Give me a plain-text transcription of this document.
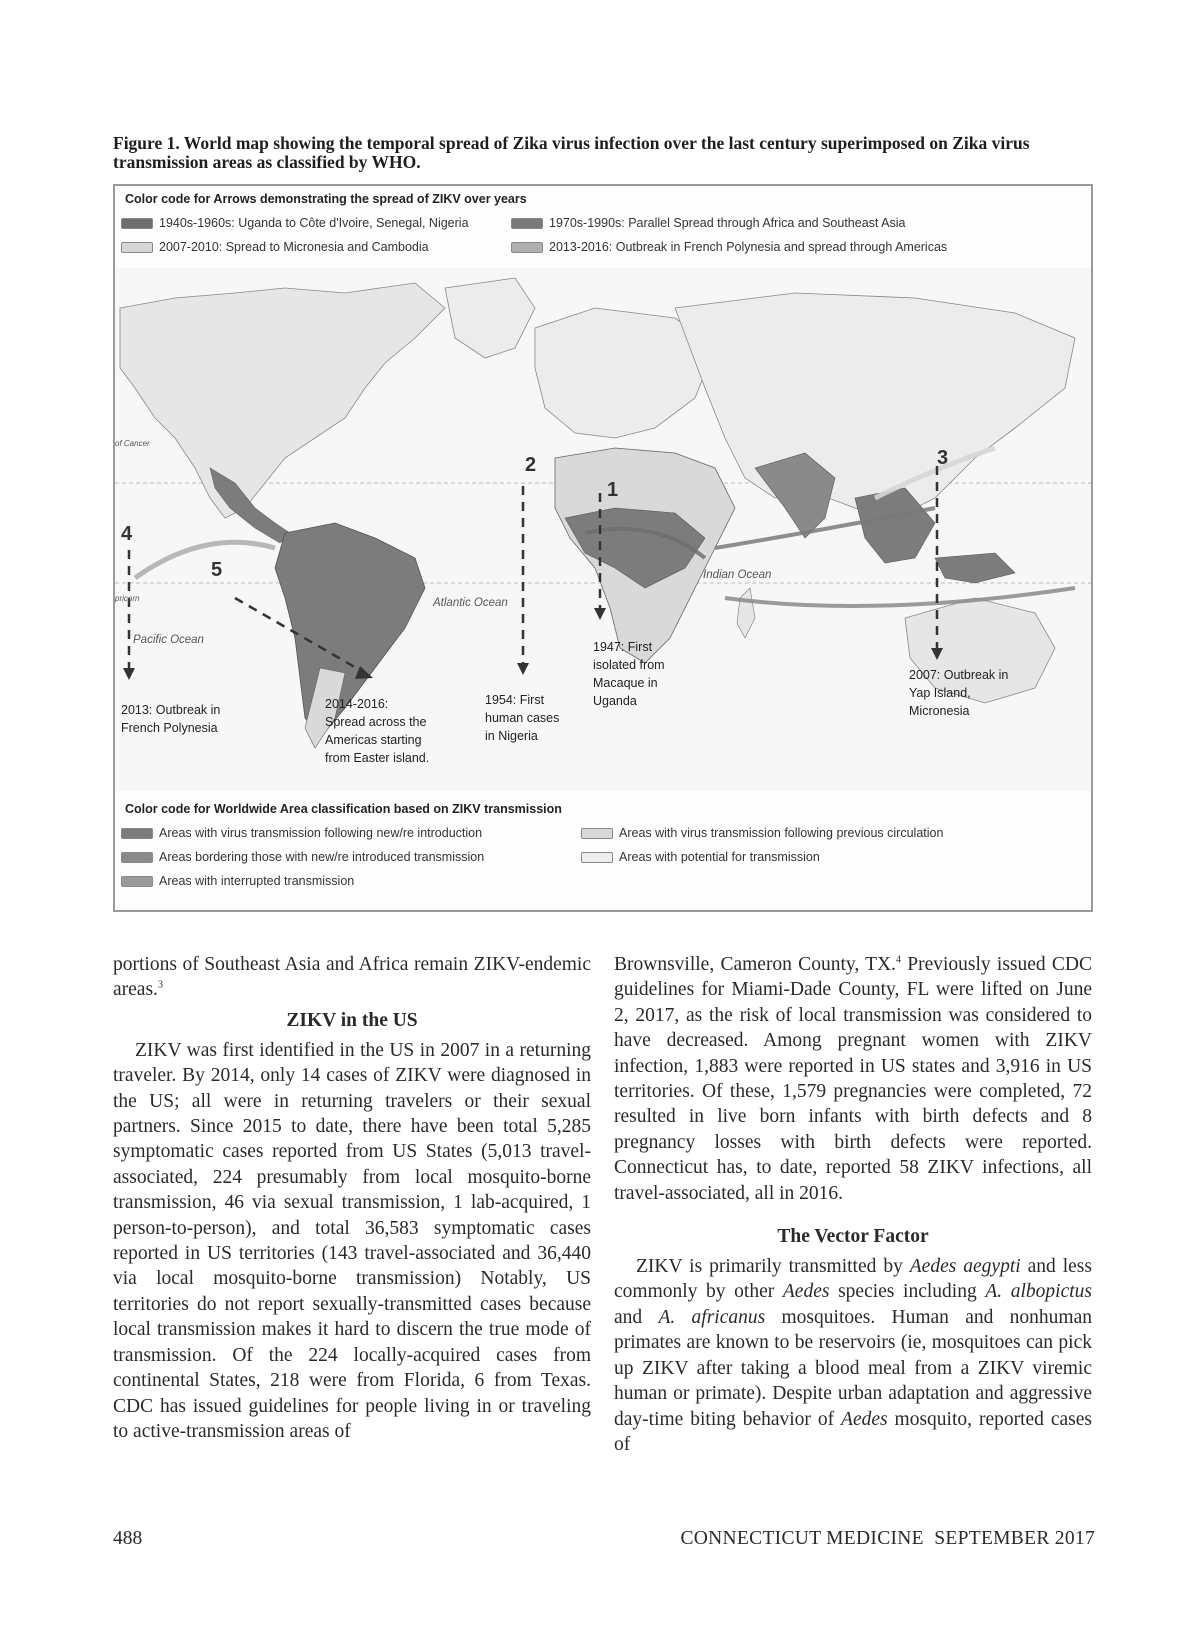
Figure 1. World map showing the temporal spread of Zika virus infection over the last century superimposed on Zika virus transmission areas as classified by WHO.
Color code for Arrows demonstrating the spread of ZIKV over years
1940s-1960s: Uganda to Côte d'Ivoire, Senegal, Nigeria	1970s-1990s: Parallel Spread through Africa and Southeast Asia
2007-2010: Spread to Micronesia and Cambodia	2013-2016: Outbreak in French Polynesia and spread through Americas
4
5
2
1
3
Atlantic Ocean
Pacific Ocean
Indian Ocean
of Cancer
pricorn
2013: Outbreak in French Polynesia
2014-2016: Spread across the Americas starting from Easter island.
1954: First human cases in Nigeria
1947: First isolated from Macaque in Uganda
2007: Outbreak in Yap Island, Micronesia
Color code for Worldwide Area classification based on ZIKV transmission
Areas with virus transmission following new/re introduction	Areas with virus transmission following previous circulation
Areas bordering those with new/re introduced transmission	Areas with potential for transmission
Areas with interrupted transmission

portions of Southeast Asia and Africa remain ZIKV-endemic areas.$^3$

ZIKV in the US

ZIKV was first identified in the US in 2007 in a returning traveler. By 2014, only 14 cases of ZIKV were diagnosed in the US; all were in returning travelers or their sexual partners. Since 2015 to date, there have been total 5,285 symptomatic cases reported from US States (5,013 travel-associated, 224 presumably from local mosquito-borne transmission, 46 via sexual transmission, 1 lab-acquired, 1 person-to-person), and total 36,583 symptomatic cases reported in US territories (143 travel-associated and 36,440 via local mosquito-borne transmission) Notably, US territories do not report sexually-transmitted cases because local transmission makes it hard to discern the true mode of transmission. Of the 224 locally-acquired cases from continental States, 218 were from Florida, 6 from Texas. CDC has issued guidelines for people living in or traveling to active-transmission areas of

Brownsville, Cameron County, TX.$^4$ Previously issued CDC guidelines for Miami-Dade County, FL were lifted on June 2, 2017, as the risk of local transmission was considered to have decreased. Among pregnant women with ZIKV infection, 1,883 were reported in US states and 3,916 in US territories. Of these, 1,579 pregnancies were completed, 72 resulted in live born infants with birth defects and 8 pregnancy losses with birth defects were reported. Connecticut has, to date, reported 58 ZIKV infections, all travel-associated, all in 2016.

The Vector Factor

ZIKV is primarily transmitted by Aedes aegypti and less commonly by other Aedes species including A. albopictus and A. africanus mosquitoes. Human and nonhuman primates are known to be reservoirs (ie, mosquitoes can pick up ZIKV after taking a blood meal from a ZIKV viremic human or primate). Despite urban adaptation and aggressive day-time biting behavior of Aedes mosquito, reported cases of

488	CONNECTICUT MEDICINE  SEPTEMBER 2017
